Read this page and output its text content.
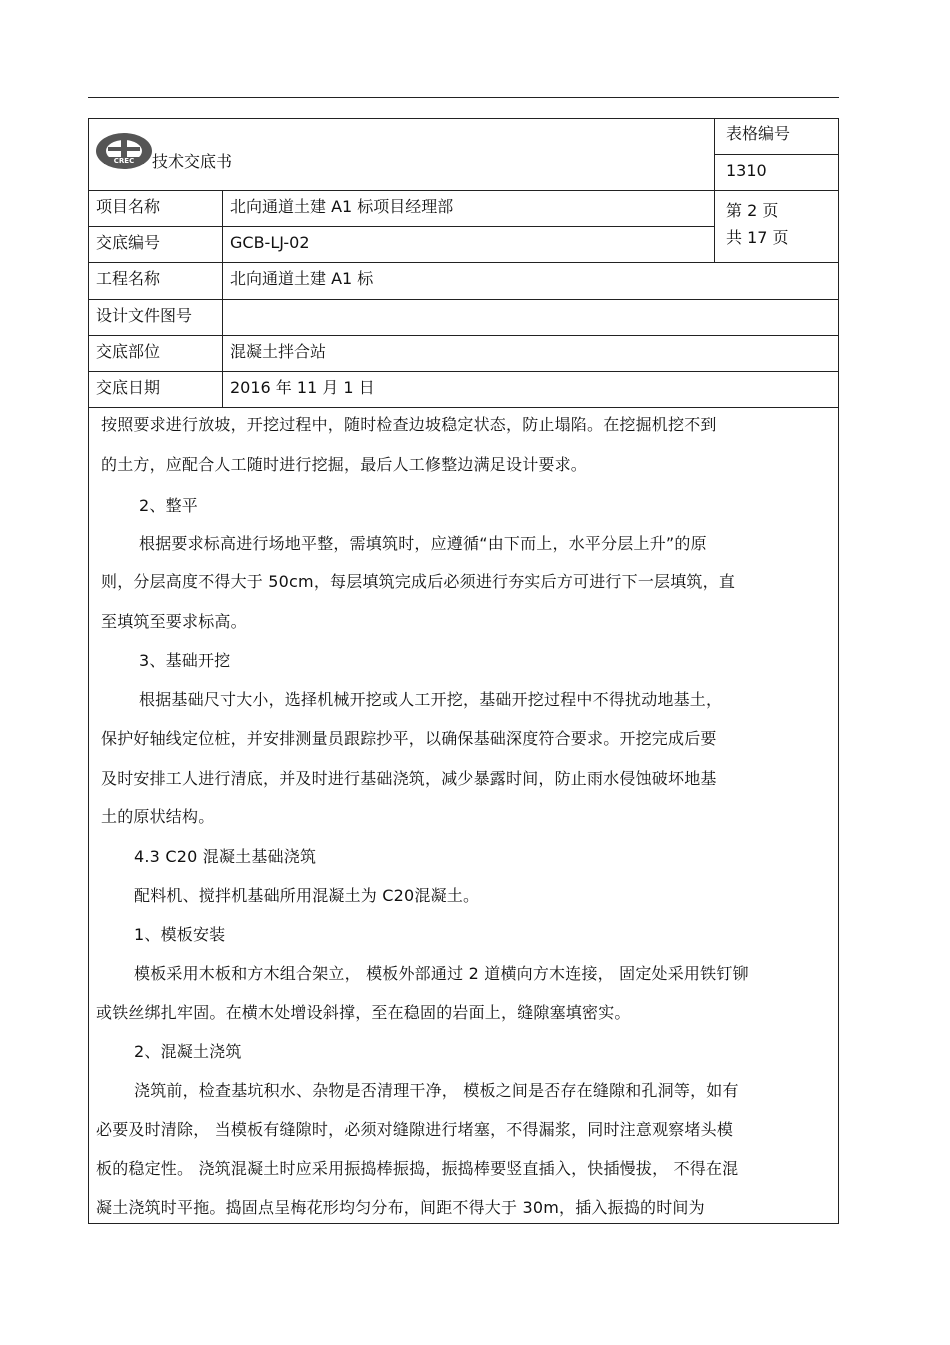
CREC 技术交底书
表格编号
1310
第 2 页
共 17 页
项目名称	北向通道土建 A1 标项目经理部
交底编号	GCB-LJ-02
工程名称	北向通道土建 A1 标
设计文件图号
交底部位	混凝土拌合站
交底日期	2016 年 11 月 1 日
按照要求进行放坡，开挖过程中，随时检查边坡稳定状态，防止塌陷。在挖掘机挖不到
的土方，应配合人工随时进行挖掘，最后人工修整边满足设计要求。
2、整平
根据要求标高进行场地平整，需填筑时，应遵循“由下而上，水平分层上升”的原
则，分层高度不得大于 50cm，每层填筑完成后必须进行夯实后方可进行下一层填筑，直
至填筑至要求标高。
3、基础开挖
根据基础尺寸大小，选择机械开挖或人工开挖，基础开挖过程中不得扰动地基土，
保护好轴线定位桩，并安排测量员跟踪抄平，以确保基础深度符合要求。开挖完成后要
及时安排工人进行清底，并及时进行基础浇筑，减少暴露时间，防止雨水侵蚀破坏地基
土的原状结构。
4.3 C20 混凝土基础浇筑
配料机、搅拌机基础所用混凝土为 C20混凝土。
1、模板安装
模板采用木板和方木组合架立， 模板外部通过 2 道横向方木连接， 固定处采用铁钉铆
或铁丝绑扎牢固。在横木处增设斜撑，至在稳固的岩面上，缝隙塞填密实。
2、混凝土浇筑
浇筑前，检查基坑积水、杂物是否清理干净， 模板之间是否存在缝隙和孔洞等，如有
必要及时清除， 当模板有缝隙时，必须对缝隙进行堵塞，不得漏浆，同时注意观察堵头模
板的稳定性。 浇筑混凝土时应采用振捣棒振捣，振捣棒要竖直插入，快插慢拔， 不得在混
凝土浇筑时平拖。捣固点呈梅花形均匀分布，间距不得大于 30m，插入振捣的时间为
